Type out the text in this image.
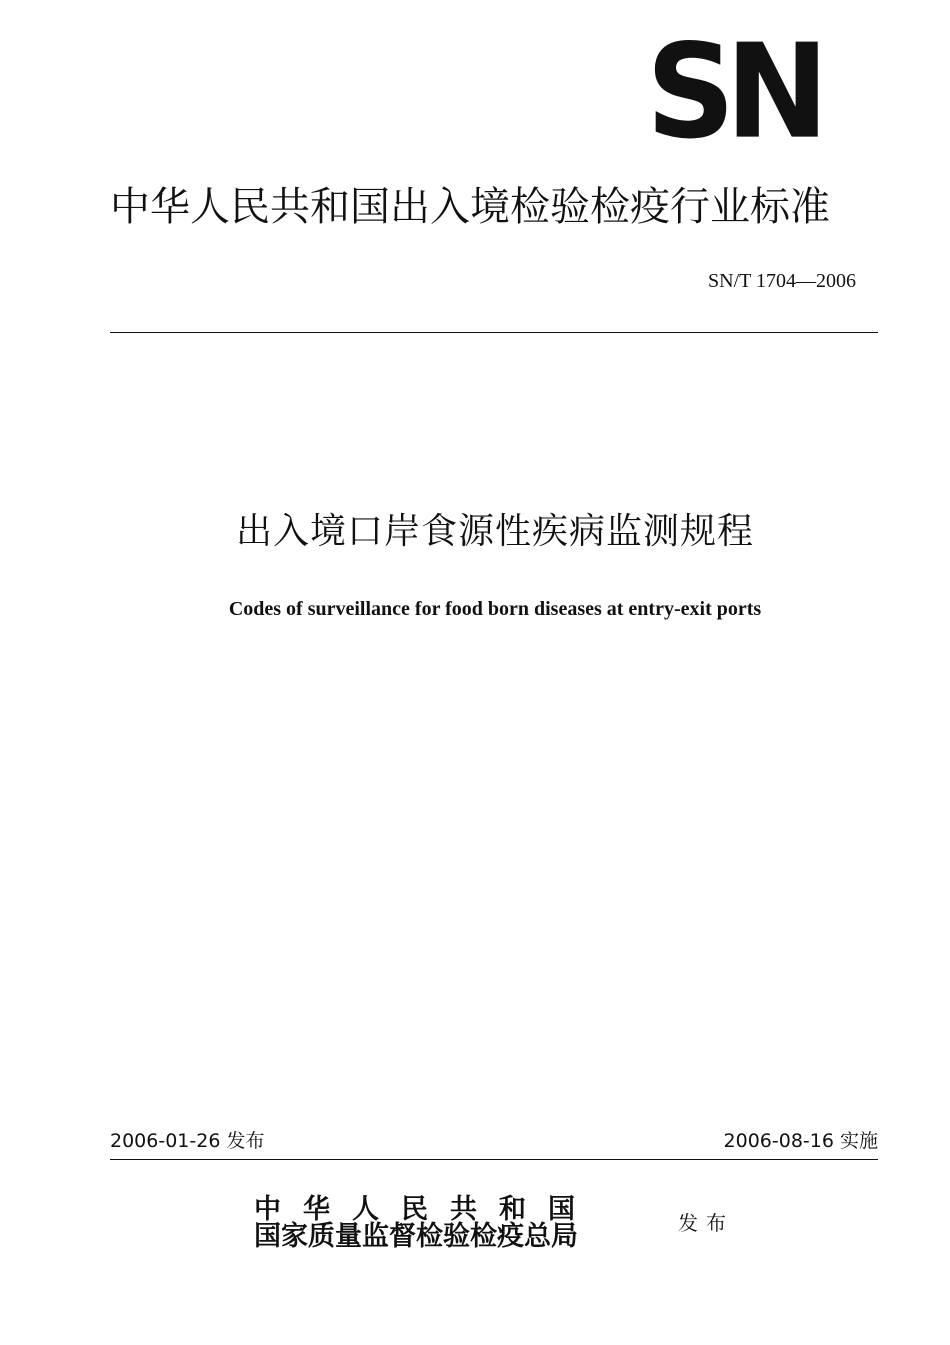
SN
中华人民共和国出入境检验检疫行业标准
SN/T 1704—2006
出入境口岸食源性疾病监测规程
Codes of surveillance for food born diseases at entry-exit ports
2006-01-26 发布	2006-08-16 实施
中华人民共和国
国家质量监督检验检疫总局	发布
